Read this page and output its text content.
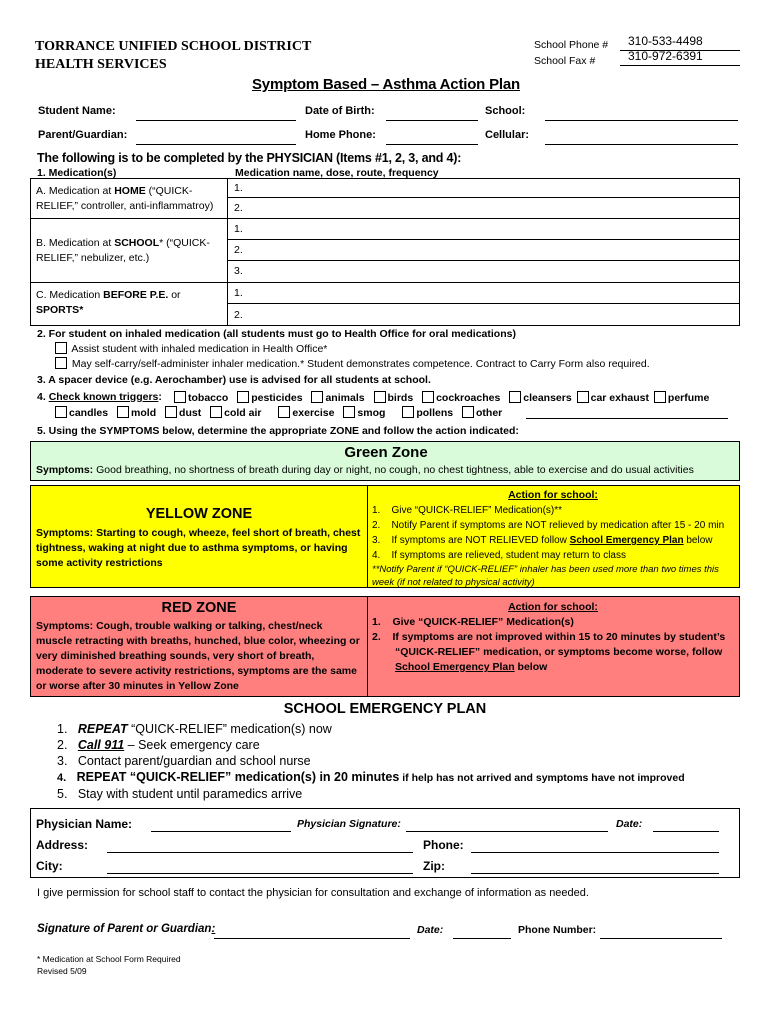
TORRANCE UNIFIED SCHOOL DISTRICT
HEALTH SERVICES
School Phone # 310-533-4498
School Fax #	310-972-6391
Symptom Based – Asthma Action Plan
Student Name:	Date of Birth:	School:
Parent/Guardian:	Home Phone:	Cellular:
The following is to be completed by the PHYSICIAN (Items #1, 2, 3, and 4):
1. Medication(s)	Medication name, dose, route, frequency
A. Medication at HOME (“QUICK-RELIEF,” controller, anti-inflammatroy)
1.
2.
B. Medication at SCHOOL* (“QUICK-RELIEF,” nebulizer, etc.)
1.
2.
3.
C. Medication BEFORE P.E. or SPORTS*
1.
2.
2. For student on inhaled medication (all students must go to Health Office for oral medications)
Assist student with inhaled medication in Health Office*
May self-carry/self-administer inhaler medication.* Student demonstrates competence. Contract to Carry Form also required.
3. A spacer device (e.g. Aerochamber) use is advised for all students at school.
4. Check known triggers:	tobacco pesticides animals birds cockroaches cleansers car exhaust perfume
candles mold dust cold air	exercise smog	pollens other
5. Using the SYMPTOMS below, determine the appropriate ZONE and follow the action indicated:
Green Zone
Symptoms: Good breathing, no shortness of breath during day or night, no cough, no chest tightness, able to exercise and do usual activities
YELLOW ZONE
Symptoms: Starting to cough, wheeze, feel short of breath, chest tightness, waking at night due to asthma symptoms, or having some activity restrictions
Action for school:
1.    Give “QUICK-RELIEF” Medication(s)**
2.    Notify Parent if symptoms are NOT relieved by medication after 15 - 20 min
3.    If symptoms are NOT RELIEVED follow School Emergency Plan below
4.    If symptoms are relieved, student may return to class
**Notify Parent if “QUICK-RELIEF” inhaler has been used more than two times this week (if not related to physical activity)
RED ZONE
Symptoms: Cough, trouble walking or talking, chest/neck muscle retracting with breaths, hunched, blue color, wheezing or very diminished breathing sounds, very short of breath, moderate to severe activity restrictions, symptoms are the same or worse after 30 minutes in Yellow Zone
Action for school:
1.    Give “QUICK-RELIEF” Medication(s)
2.    If symptoms are not improved within 15 to 20 minutes by student’s “QUICK-RELIEF” medication, or symptoms become worse, follow School Emergency Plan below
SCHOOL EMERGENCY PLAN
1.   REPEAT “QUICK-RELIEF” medication(s) now
2.   Call 911 – Seek emergency care
3.   Contact parent/guardian and school nurse
4. REPEAT “QUICK-RELIEF” medication(s) in 20 minutes if help has not arrived and symptoms have not improved
5.   Stay with student until paramedics arrive
Physician Name:	Physician Signature:	Date:
Address:	Phone:
City:	Zip:
I give permission for school staff to contact the physician for consultation and exchange of information as needed.
Signature of Parent or Guardian:	Date:	Phone Number:
* Medication at School Form Required
Revised 5/09
